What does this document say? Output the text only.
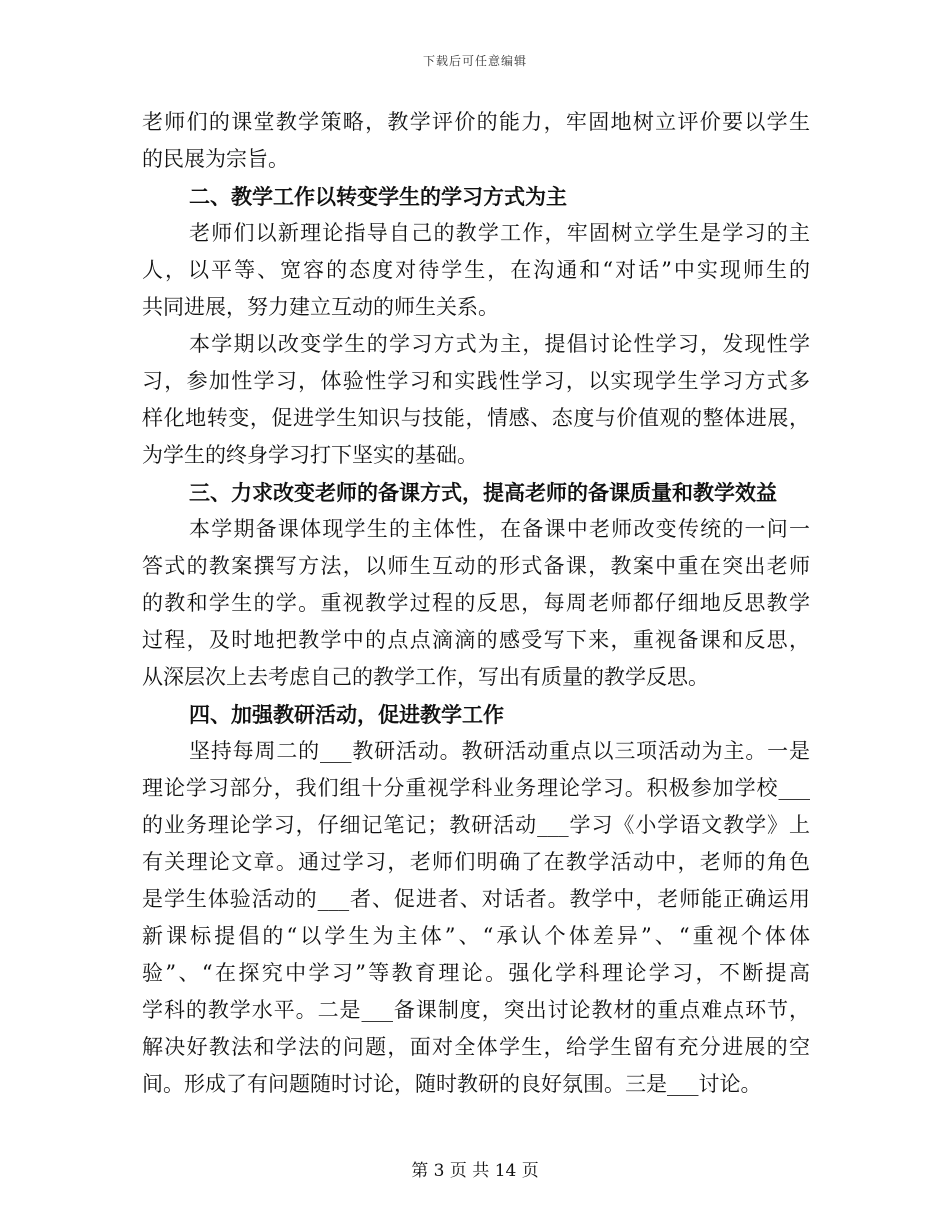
下载后可任意编辑
老师们的课堂教学策略，教学评价的能力，牢固地树立评价要以学生
的民展为宗旨。
二、教学工作以转变学生的学习方式为主
老师们以新理论指导自己的教学工作，牢固树立学生是学习的主
人，以平等、宽容的态度对待学生，在沟通和“对话”中实现师生的
共同进展，努力建立互动的师生关系。
本学期以改变学生的学习方式为主，提倡讨论性学习，发现性学
习，参加性学习，体验性学习和实践性学习，以实现学生学习方式多
样化地转变，促进学生知识与技能，情感、态度与价值观的整体进展，
为学生的终身学习打下坚实的基础。
三、力求改变老师的备课方式，提高老师的备课质量和教学效益
本学期备课体现学生的主体性，在备课中老师改变传统的一问一
答式的教案撰写方法，以师生互动的形式备课，教案中重在突出老师
的教和学生的学。重视教学过程的反思，每周老师都仔细地反思教学
过程，及时地把教学中的点点滴滴的感受写下来，重视备课和反思，
从深层次上去考虑自己的教学工作，写出有质量的教学反思。
四、加强教研活动，促进教学工作
坚持每周二的___教研活动。教研活动重点以三项活动为主。一是
理论学习部分，我们组十分重视学科业务理论学习。积极参加学校___
的业务理论学习，仔细记笔记；教研活动___学习《小学语文教学》上
有关理论文章。通过学习，老师们明确了在教学活动中，老师的角色
是学生体验活动的___者、促进者、对话者。教学中，老师能正确运用
新课标提倡的“以学生为主体”、“承认个体差异”、“重视个体体
验”、“在探究中学习”等教育理论。强化学科理论学习，不断提高
学科的教学水平。二是___备课制度，突出讨论教材的重点难点环节，
解决好教法和学法的问题，面对全体学生，给学生留有充分进展的空
间。形成了有问题随时讨论，随时教研的良好氛围。三是___讨论。
第 3 页 共 14 页
